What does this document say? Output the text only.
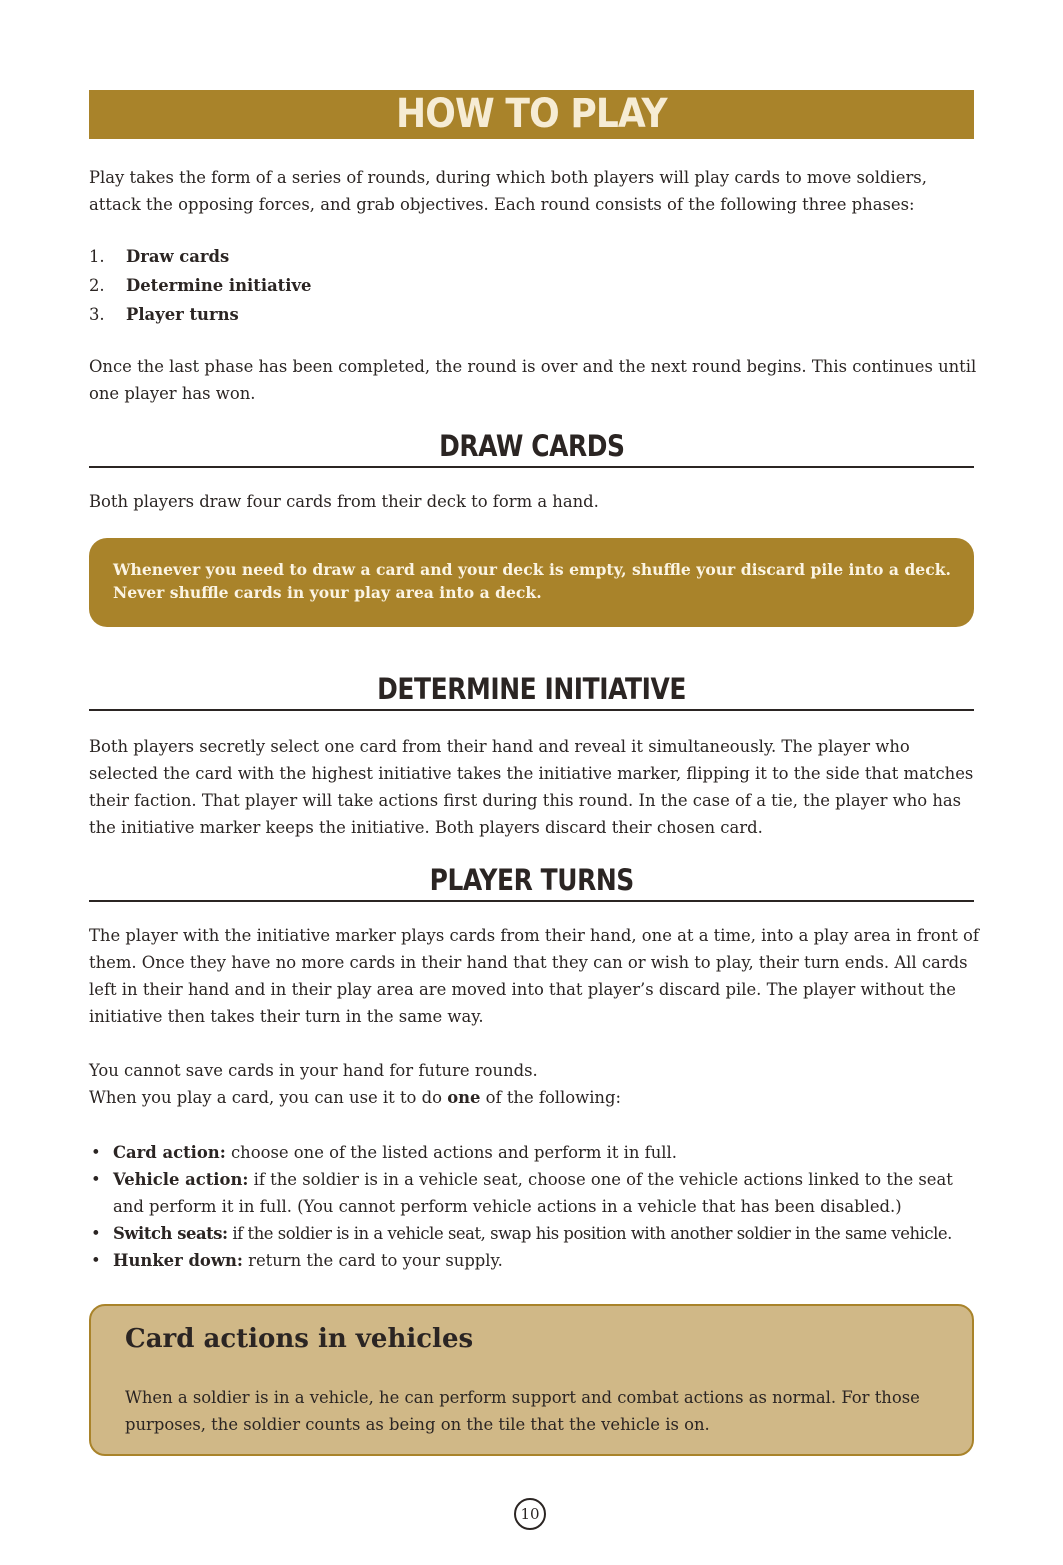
HOW TO PLAY

Play takes the form of a series of rounds, during which both players will play cards to move soldiers, attack the opposing forces, and grab objectives. Each round consists of the following three phases:

1. Draw cards
2. Determine initiative
3. Player turns

Once the last phase has been completed, the round is over and the next round begins. This continues until one player has won.

DRAW CARDS

Both players draw four cards from their deck to form a hand.

Whenever you need to draw a card and your deck is empty, shuffle your discard pile into a deck. Never shuffle cards in your play area into a deck.
DETERMINE INITIATIVE

Both players secretly select one card from their hand and reveal it simultaneously. The player who selected the card with the highest initiative takes the initiative marker, flipping it to the side that matches their faction. That player will take actions first during this round. In the case of a tie, the player who has the initiative marker keeps the initiative. Both players discard their chosen card.

PLAYER TURNS

The player with the initiative marker plays cards from their hand, one at a time, into a play area in front of them. Once they have no more cards in their hand that they can or wish to play, their turn ends. All cards left in their hand and in their play area are moved into that player’s discard pile. The player without the initiative then takes their turn in the same way.

You cannot save cards in your hand for future rounds.

When you play a card, you can use it to do one of the following:

• Card action: choose one of the listed actions and perform it in full.
• Vehicle action: if the soldier is in a vehicle seat, choose one of the vehicle actions linked to the seat and perform it in full. (You cannot perform vehicle actions in a vehicle that has been disabled.)
• Switch seats: if the soldier is in a vehicle seat, swap his position with another soldier in the same vehicle.
• Hunker down: return the card to your supply.
Card actions in vehicles
When a soldier is in a vehicle, he can perform support and combat actions as normal. For those purposes, the soldier counts as being on the tile that the vehicle is on.
10
